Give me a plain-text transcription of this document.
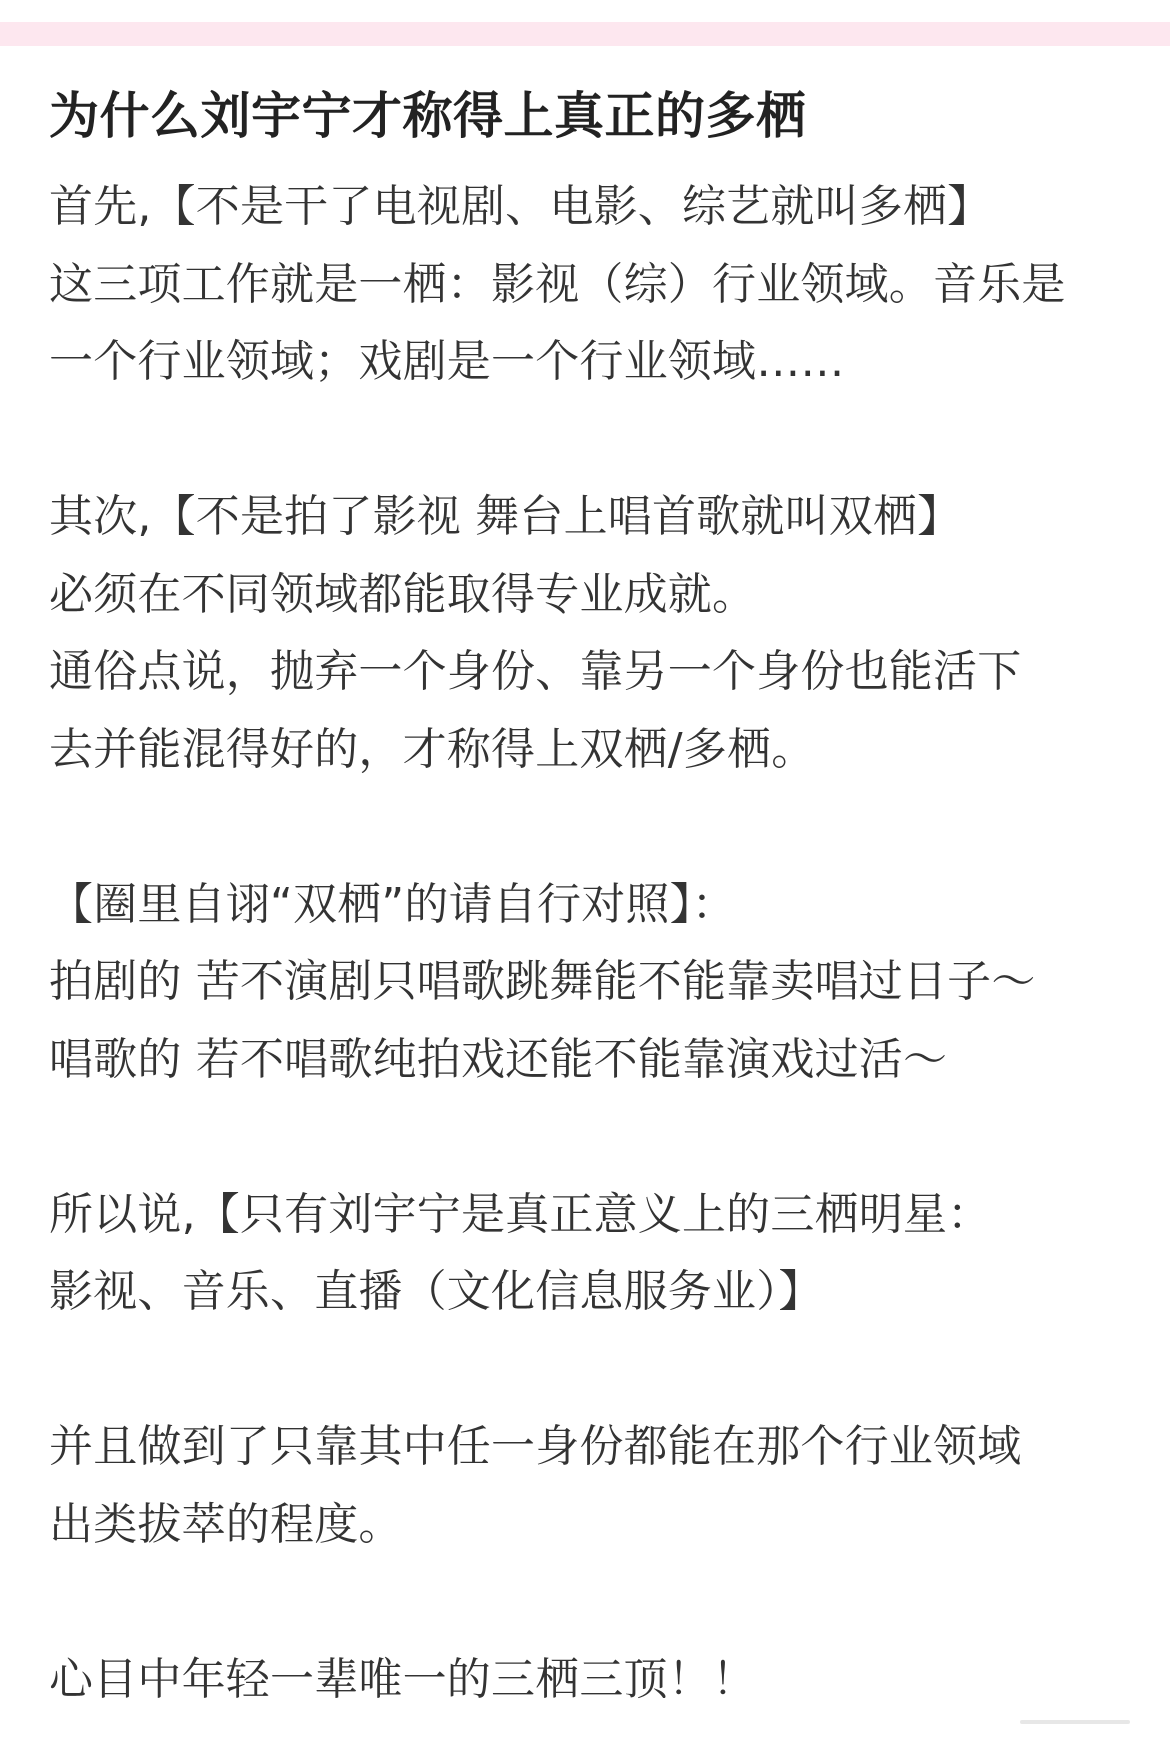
为什么刘宇宁才称得上真正的多栖
首先,【不是干了电视剧、电影、综艺就叫多栖】
这三项工作就是一栖：影视（综）行业领域。音乐是
一个行业领域；戏剧是一个行业领域……
其次,【不是拍了影视 舞台上唱首歌就叫双栖】
必须在不同领域都能取得专业成就。
通俗点说，抛弃一个身份、靠另一个身份也能活下
去并能混得好的，才称得上双栖/多栖。
【圈里自诩“双栖”的请自行对照】：
拍剧的 苦不演剧只唱歌跳舞能不能靠卖唱过日子～
唱歌的 若不唱歌纯拍戏还能不能靠演戏过活～
所以说,【只有刘宇宁是真正意义上的三栖明星：
影视、音乐、直播（文化信息服务业）】
并且做到了只靠其中任一身份都能在那个行业领域
出类拔萃的程度。
心目中年轻一辈唯一的三栖三顶！！
